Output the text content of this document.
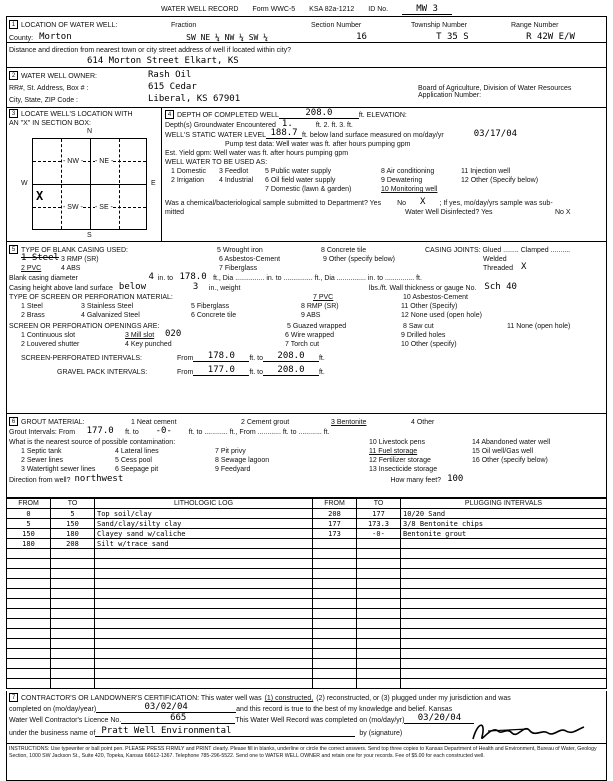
WATER WELL RECORD Form WWC-5 KSA 82a-1212 ID No.	MW 3
1 LOCATION OF WATER WELL:	Fraction	Section Number	Township Number	Range Number
County: Morton	SW NE ¼ NW ¼ SW ¼	16	T 35 S	R 42W E/W
Distance and direction from nearest town or city street address of well if located within city?
614 Morton Street Elkart, KS
2 WATER WELL OWNER:	Rash Oil
RR#, St. Address, Box # :	615 Cedar
City, State, ZIP Code :	Liberal, KS 67901
Board of Agriculture, Division of Water Resources
Application Number:
3 LOCATE WELL'S LOCATION WITH
AN "X" IN SECTION BOX:
N
S
W	E
- NW - - NE -
- SW - - SE -
X
4 DEPTH OF COMPLETED WELL	208.0	ft. ELEVATION:
Depth(s) Groundwater Encountered 1.	ft. 2. ft. 3. ft.
WELL'S STATIC WATER LEVEL 188.7 ft. below land surface measured on mo/day/yr	03/17/04
Pump test data: Well water was ft. after hours pumping gpm
Est. Yield gpm: Well water was ft. after hours pumping gpm
WELL WATER TO BE USED AS:
1 Domestic	3 Feedlot	5 Public water supply	8 Air conditioning	11 Injection well
2 Irrigation	4 Industrial	6 Oil field water supply	9 Dewatering	12 Other (Specify below)
7 Domestic (lawn & garden)	10 Monitoring well
Was a chemical/bacteriological sample submitted to Department? Yes	No	X	; If yes, mo/day/yrs sample was sub-
mitted	Water Well Disinfected? Yes	No X
5 TYPE OF BLANK CASING USED:	5 Wrought iron	8 Concrete tile	CASING JOINTS: Glued ........ Clamped ..........
1 Steel 3 RMP (SR)	6 Asbestos-Cement	9 Other (specify below)	Welded
2 PVC	4 ABS	7 Fiberglass	Threaded X
Blank casing diameter	4 in. to 178.0 ft., Dia ............... in. to ............... ft., Dia ............... in. to ............... ft.
Casing height above land surface below	3	in., weight	lbs./ft. Wall thickness or gauge No. Sch 40
TYPE OF SCREEN OR PERFORATION MATERIAL:	7 PVC	10 Asbestos-Cement
1 Steel	3 Stainless Steel	5 Fiberglass	8 RMP (SR)	11 Other (Specify)
2 Brass	4 Galvanized Steel	6 Concrete tile	9 ABS	12 None used (open hole)
SCREEN OR PERFORATION OPENINGS ARE:	5 Guazed wrapped	8 Saw cut	11 None (open hole)
1 Continuous slot	3 Mill slot	020	6 Wire wrapped	9 Drilled holes
2 Louvered shutter	4 Key punched	7 Torch cut	10 Other (specify)
SCREEN-PERFORATED INTERVALS:	From	178.0	ft. to	208.0	ft.
GRAVEL PACK INTERVALS:	From	177.0	ft. to	208.0	ft.
6 GROUT MATERIAL:	1 Neat cement	2 Cement grout	3 Bentonite	4 Other
Grout Intervals: From	177.0	ft. to	-0-	ft. to ............ ft., From ............ ft. to ............ ft.
What is the nearest source of possible contamination:	10 Livestock pens	14 Abandoned water well
1 Septic tank	4 Lateral lines	7 Pit privy	11 Fuel storage	15 Oil well/Gas well
2 Sewer lines	5 Cess pool	8 Sewage lagoon	12 Fertilizer storage	16 Other (specify below)
3 Watertight sewer lines	6 Seepage pit	9 Feedyard	13 Insecticide storage
Direction from well? northwest	How many feet? 100
FROM	TO	LITHOLOGIC LOG	FROM	TO	PLUGGING INTERVALS
0	5	Top soil/clay	208	177	10/20 Sand
5	150	Sand/clay/silty clay	177	173.3	3/8 Bentonite chips
150	180	Clayey sand w/caliche	173	-0-	Bentonite grout
180	208	Silt w/trace sand			

7 CONTRACTOR'S OR LANDOWNER'S CERTIFICATION: This water well was (1) constructed, (2) reconstructed, or (3) plugged under my jurisdiction and was
completed on (mo/day/year)	03/02/04	and this record is true to the best of my knowledge and belief. Kansas
Water Well Contractor's Licence No.	665	This Water Well Record was completed on (mo/day/yr)	03/20/04
under the business name of Pratt Well Environmental	by (signature)
INSTRUCTIONS: Use typewriter or ball point pen. PLEASE PRESS FIRMLY and PRINT clearly. Please fill in blanks, underline or circle the correct answers. Send top three copies to Kansas Department of Health and Environment, Bureau of Water, Geology Section, 1000 SW Jackson St., Suite 420, Topeka, Kansas 66612-1367. Telephone 785-296-5522. Send one to WATER WELL OWNER and retain one for your records. Fee of $5.00 for each constructed well.
